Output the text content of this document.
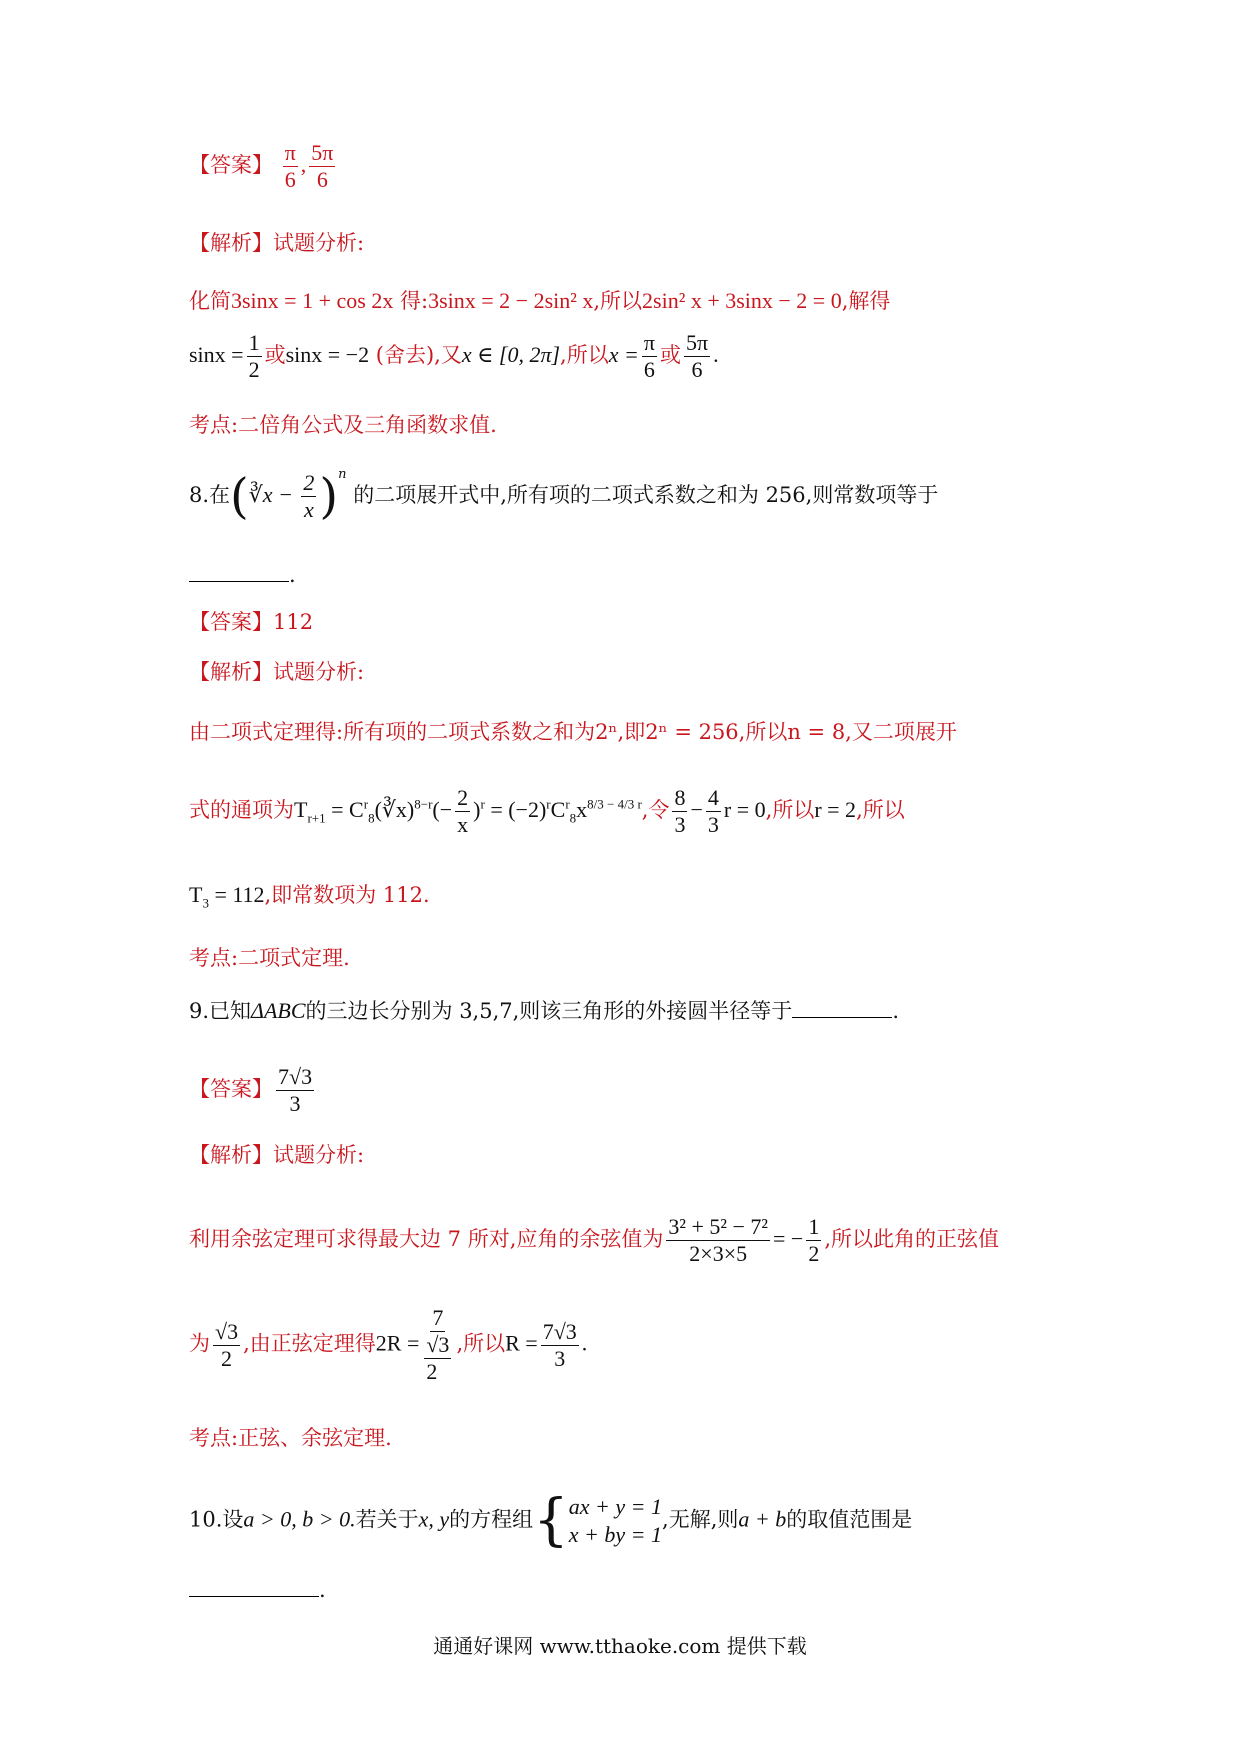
【答案】 $\frac{\pi}{6}$ , $\frac{5\pi}{6}$
【解析】试题分析:
化简3sinx = 1 + cos 2x 得:3sinx = 2 − 2sin² x,所以2sin² x + 3sinx − 2 = 0,解得
$\sin x = \frac{1}{2}$ 或sinx = −2 (舍去),又x ∈ [0, 2π],所以$x = \frac{\pi}{6}$ 或 $\frac{5\pi}{6}$ .
考点:二倍角公式及三角函数求值.
8.在(∛x − $\frac{2}{x} )^n$ 的二项展开式中,所有项的二项式系数之和为 256,则常数项等于
.
【答案】112
【解析】试题分析:
由二项式定理得:所有项的二项式系数之和为2ⁿ,即2ⁿ = 256,所以n = 8,又二项展开
式的通项为$T_{r+1}$ = $C^r_8(∛x)^{8-r}(- \frac{2}{x} )^r = (-2)^rC^r_8x^{8/3 - 4/3 r}$,令 $\frac{8}{3} - \frac{4}{3}$ r = 0,所以r = 2,所以
$T_3 = 112$,即常数项为 112.
考点:二项式定理.
9.已知ΔABC的三边长分别为 3,5,7,则该三角形的外接圆半径等于	.
【答案】 $\frac{7√3}{3}$
【解析】试题分析:
利用余弦定理可求得最大边 7 所对,应角的余弦值为 $\frac{\text{3² + 5² − 7²}}{2\times 3\times 5}$ = − $\frac{1}{2}$ ,所以此角的正弦值
为 $\frac{√3}{2}$ ,由正弦定理得$2R = \frac{7}{\frac{√3}{2}}$ ,所以$R = \frac{7√3}{3}$ .
考点:正弦、余弦定理.
10.设a > 0, b > 0.若关于x, y的方程组{ ax + y = 1
x + by = 1
,无解,则a + b的取值范围是
.
通通好课网 www.tthaoke.com 提供下载
